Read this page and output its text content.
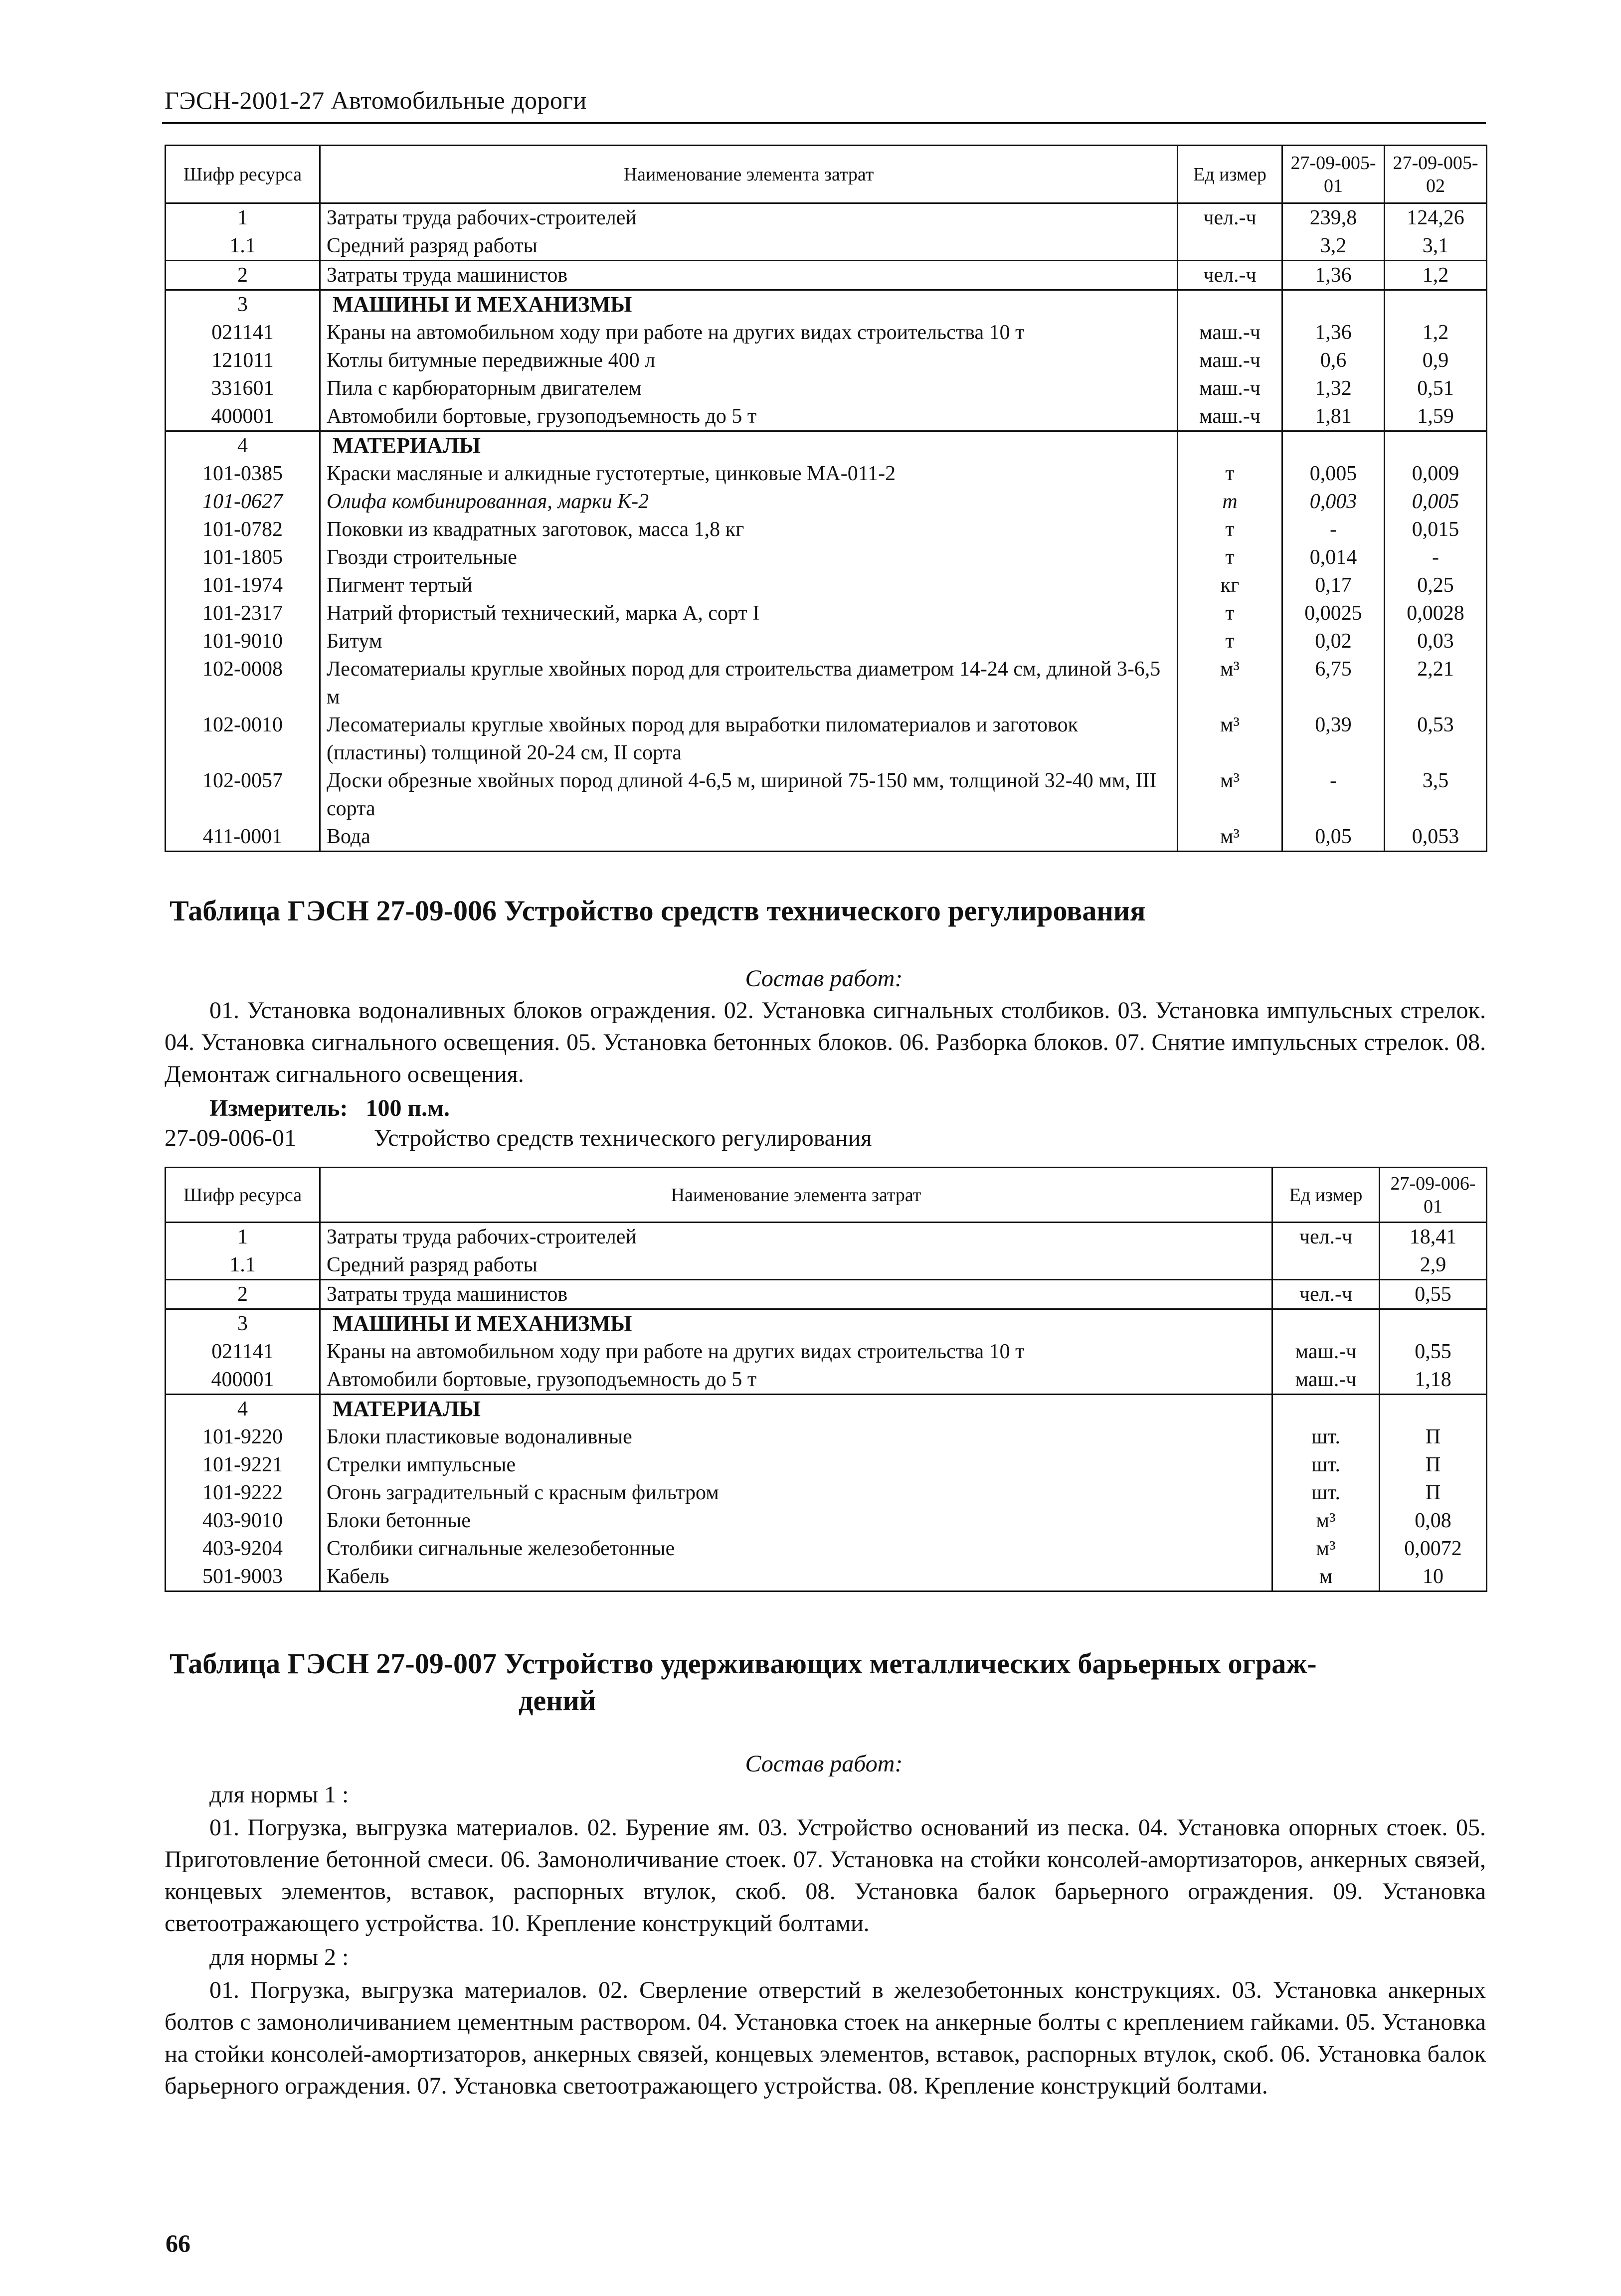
ГЭСН-2001-27 Автомобильные дороги
Шифр ресурса	Наименование элемента затрат	Ед измер	27-09-005-01	27-09-005-02
1	Затраты труда рабочих-строителей	чел.-ч	239,8	124,26
1.1	Средний разряд работы		3,2	3,1
2	Затраты труда машинистов	чел.-ч	1,36	1,2
3	МАШИНЫ И МЕХАНИЗМЫ			
021141	Краны на автомобильном ходу при работе на других видах строительства 10 т	маш.-ч	1,36	1,2
121011	Котлы битумные передвижные 400 л	маш.-ч	0,6	0,9
331601	Пила с карбюраторным двигателем	маш.-ч	1,32	0,51
400001	Автомобили бортовые, грузоподъемность до 5 т	маш.-ч	1,81	1,59
4	МАТЕРИАЛЫ			
101-0385	Краски масляные и алкидные густотертые, цинковые МА-011-2	т	0,005	0,009
101-0627	Олифа комбинированная, марки К-2	т	0,003	0,005
101-0782	Поковки из квадратных заготовок, масса 1,8 кг	т	-	0,015
101-1805	Гвозди строительные	т	0,014	-
101-1974	Пигмент тертый	кг	0,17	0,25
101-2317	Натрий фтористый технический, марка А, сорт I	т	0,0025	0,0028
101-9010	Битум	т	0,02	0,03
102-0008	Лесоматериалы круглые хвойных пород для строительства диаметром 14-24 см, длиной 3-6,5 м	м³	6,75	2,21
102-0010	Лесоматериалы круглые хвойных пород для выработки пиломатериалов и заготовок (пластины) толщиной 20-24 см, II сорта	м³	0,39	0,53
102-0057	Доски обрезные хвойных пород длиной 4-6,5 м, шириной 75-150 мм, толщиной 32-40 мм, III сорта	м³	-	3,5
411-0001	Вода	м³	0,05	0,053
Таблица ГЭСН 27-09-006 Устройство средств технического регулирования
Состав работ:
01. Установка водоналивных блоков ограждения. 02. Установка сигнальных столбиков. 03. Установка импульсных стрелок. 04. Установка сигнального освещения. 05. Установка бетонных блоков. 06. Разборка блоков. 07. Снятие импульсных стрелок. 08. Демонтаж сигнального освещения.
Измеритель:   100 п.м.
27-09-006-01	Устройство средств технического регулирования
Шифр ресурса	Наименование элемента затрат	Ед измер	27-09-006-01
1	Затраты труда рабочих-строителей	чел.-ч	18,41
1.1	Средний разряд работы		2,9
2	Затраты труда машинистов	чел.-ч	0,55
3	МАШИНЫ И МЕХАНИЗМЫ		
021141	Краны на автомобильном ходу при работе на других видах строительства 10 т	маш.-ч	0,55
400001	Автомобили бортовые, грузоподъемность до 5 т	маш.-ч	1,18
4	МАТЕРИАЛЫ		
101-9220	Блоки пластиковые водоналивные	шт.	П
101-9221	Стрелки импульсные	шт.	П
101-9222	Огонь заградительный с красным фильтром	шт.	П
403-9010	Блоки бетонные	м³	0,08
403-9204	Столбики сигнальные железобетонные	м³	0,0072
501-9003	Кабель	м	10
Таблица ГЭСН 27-09-007 Устройство удерживающих металлических барьерных ограж-
дений
Состав работ:
для нормы 1 :
01. Погрузка, выгрузка материалов. 02. Бурение ям. 03. Устройство оснований из песка. 04. Установка опорных стоек. 05. Приготовление бетонной смеси. 06. Замоноличивание стоек. 07. Установка на стойки консолей-амортизаторов, анкерных связей, концевых элементов, вставок, распорных втулок, скоб. 08. Установка балок барьерного ограждения. 09. Установка светоотражающего устройства. 10. Крепление конструкций болтами.
для нормы 2 :
01. Погрузка, выгрузка материалов. 02. Сверление отверстий в железобетонных конструкциях. 03. Установка анкерных болтов с замоноличиванием цементным раствором. 04. Установка стоек на анкерные болты с креплением гайками. 05. Установка на стойки консолей-амортизаторов, анкерных связей, концевых элементов, вставок, распорных втулок, скоб. 06. Установка балок барьерного ограждения. 07. Установка светоотражающего устройства. 08. Крепление конструкций болтами.
66
